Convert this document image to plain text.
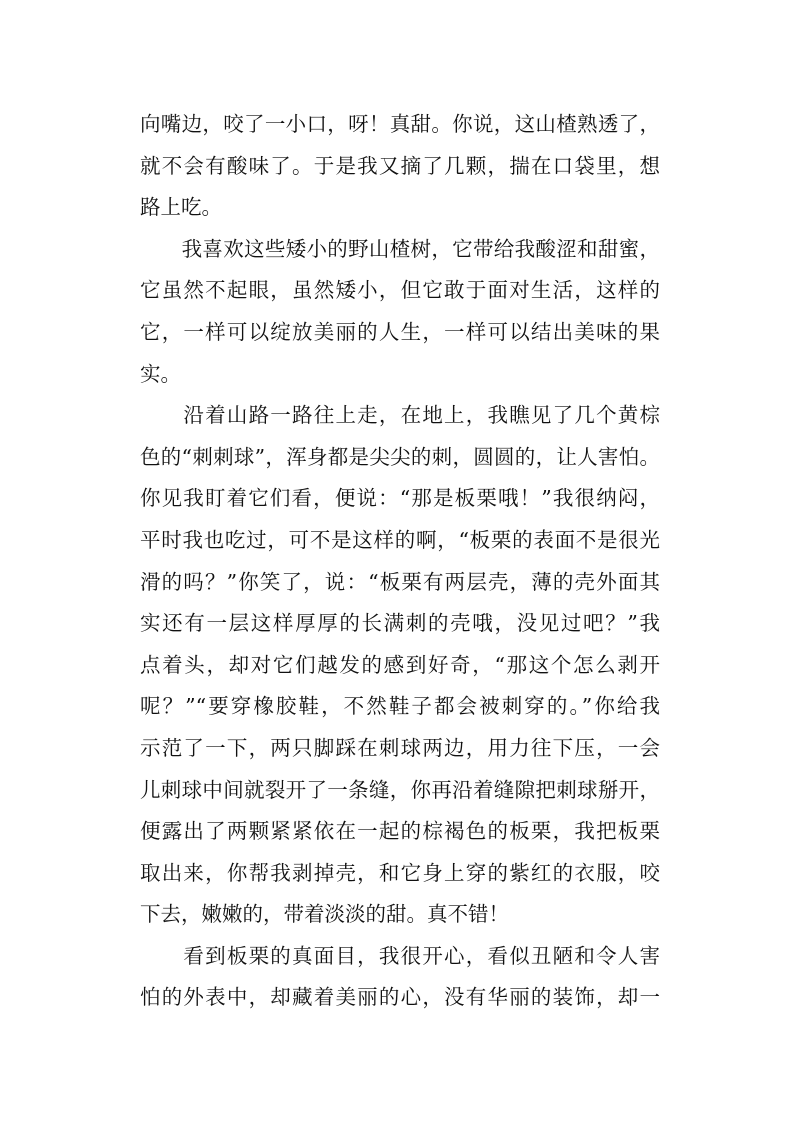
向嘴边，咬了一小口，呀！真甜。你说，这山楂熟透了，
就不会有酸味了。于是我又摘了几颗，揣在口袋里，想
路上吃。
　　我喜欢这些矮小的野山楂树，它带给我酸涩和甜蜜，
它虽然不起眼，虽然矮小，但它敢于面对生活，这样的
它，一样可以绽放美丽的人生，一样可以结出美味的果
实。
　　沿着山路一路往上走，在地上，我瞧见了几个黄棕
色的“刺刺球”，浑身都是尖尖的刺，圆圆的，让人害怕。
你见我盯着它们看，便说：“那是板栗哦！”我很纳闷，
平时我也吃过，可不是这样的啊，“板栗的表面不是很光
滑的吗？”你笑了，说：“板栗有两层壳，薄的壳外面其
实还有一层这样厚厚的长满刺的壳哦，没见过吧？”我
点着头，却对它们越发的感到好奇，“那这个怎么剥开
呢？”“要穿橡胶鞋，不然鞋子都会被刺穿的。”你给我
示范了一下，两只脚踩在刺球两边，用力往下压，一会
儿刺球中间就裂开了一条缝，你再沿着缝隙把刺球掰开，
便露出了两颗紧紧依在一起的棕褐色的板栗，我把板栗
取出来，你帮我剥掉壳，和它身上穿的紫红的衣服，咬
下去，嫩嫩的，带着淡淡的甜。真不错！
　　看到板栗的真面目，我很开心，看似丑陋和令人害
怕的外表中，却藏着美丽的心，没有华丽的装饰，却一
